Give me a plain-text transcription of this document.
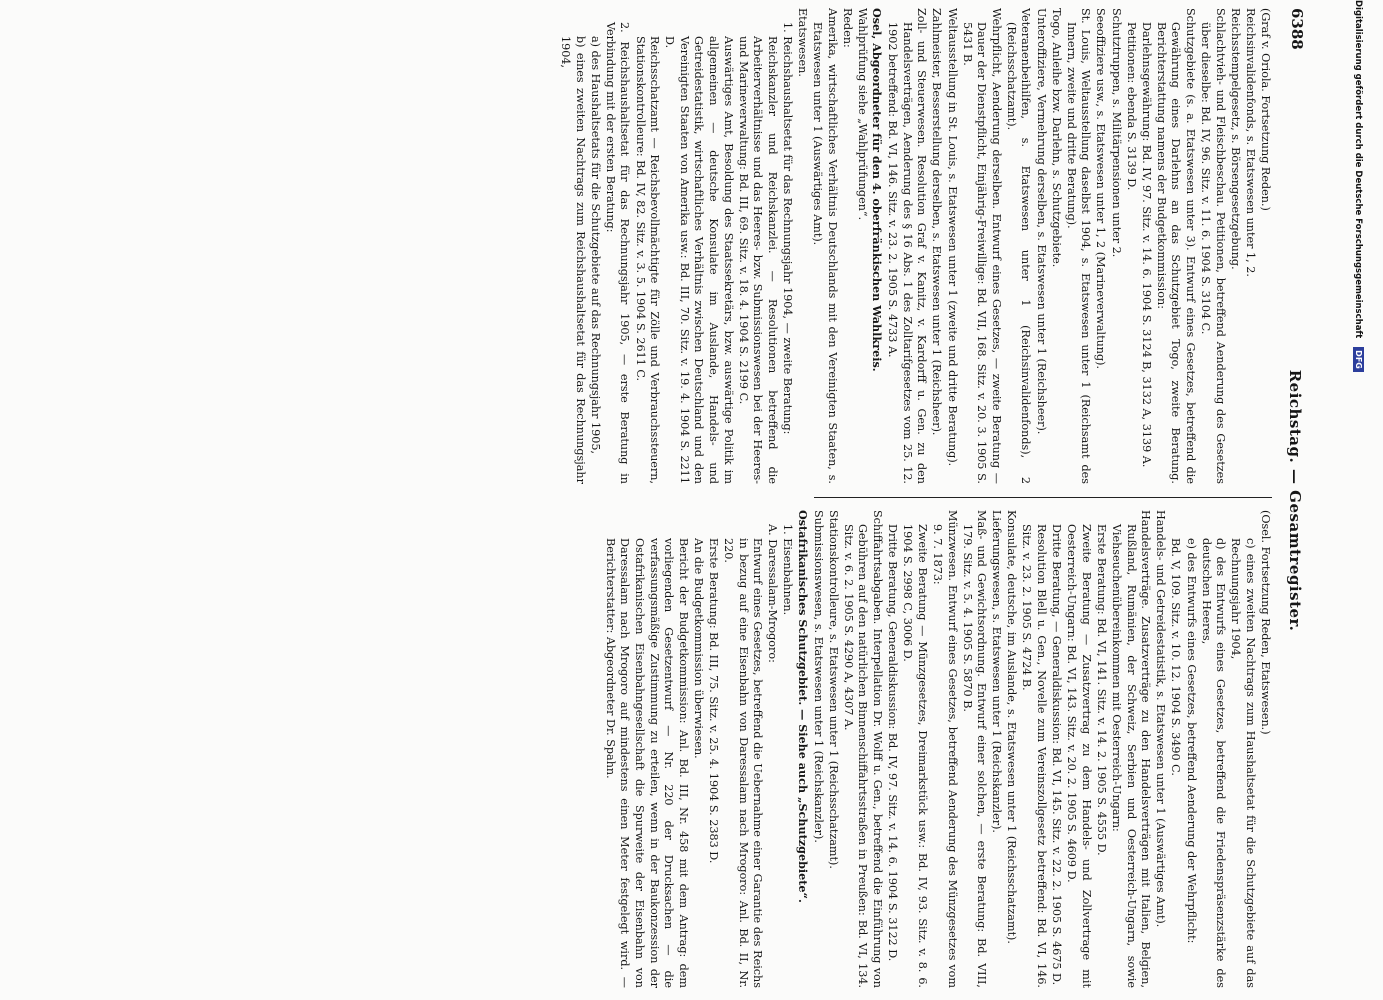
6388
Reichstag. — Gesamtregister.

(Graf v. Oriola. Fortsetzung Reden.)

Reichsinvalidenfonds, s. Etatswesen unter 1, 2.

Reichsstempelgesetz, s. Börsengesetzgebung.

Schlachtvieh- und Fleischbeschau. Petitionen, betreffend Aenderung des Gesetzes über dieselbe: Bd. IV, 96. Sitz. v. 11. 6. 1904 S. 3104 C.

Schutzgebiete (s. a. Etatswesen unter 3). Entwurf eines Gesetzes, betreffend die Gewährung eines Darlehns an das Schutzgebiet Togo, zweite Beratung. Berichterstattung namens der Budgetkommission:

Darlehnsgewährung: Bd. IV, 97. Sitz. v. 14. 6. 1904 S. 3124 B, 3132 A, 3139 A.

Petitionen: ebenda S. 3139 D.

Schutztruppen, s. Militärpensionen unter 2.

Seeoffiziere usw., s. Etatswesen unter 1, 2 (Marineverwaltung).

St. Louis, Weltausstellung daselbst 1904, s. Etatswesen unter 1 (Reichsamt des Innern, zweite und dritte Beratung).

Togo, Anleihe bzw. Darlehn, s. Schutzgebiete.

Unteroffiziere, Vermehrung derselben, s. Etatswesen unter 1 (Reichsheer).

Veteranenbeihilfen, s. Etatswesen unter 1 (Reichsinvalidenfonds), 2 (Reichsschatzamt).

Wehrpflicht, Aenderung derselben. Entwurf eines Gesetzes, — zweite Beratung — Dauer der Dienstpflicht, Einjährig-Freiwillige: Bd. VII, 168. Sitz. v. 20. 3. 1905 S. 5431 B.

Weltausstellung in St. Louis, s. Etatswesen unter 1 (zweite und dritte Beratung).

Zahlmeister, Besserstellung derselben, s. Etatswesen unter 1 (Reichsheer).

Zoll- und Steuerwesen. Resolution Graf v. Kanitz, v. Kardorff u. Gen. zu den Handelsverträgen, Aenderung des § 16 Abs. 1 des Zolltarifgesetzes vom 25. 12. 1902 betreffend: Bd. VI, 146. Sitz. v. 23. 2. 1905 S. 4733 A.

Osel, Abgeordneter für den 4. oberfränkischen Wahlkreis.

Wahlprüfung siehe „Wahlprüfungen“.

Reden:

Amerika, wirtschaftliches Verhältnis Deutschlands mit den Vereinigten Staaten, s. Etatswesen unter 1 (Auswärtiges Amt).

Etatswesen.

1. Reichshaushaltsetat für das Rechnungsjahr 1904, — zweite Beratung:

Reichskanzler und Reichskanzlei. — Resolutionen betreffend die Arbeiterverhältnisse und das Heeres- bzw. Submissionswesen bei der Heeres- und Marineverwaltung: Bd. III, 69. Sitz. v. 18. 4. 1904 S. 2199 C.

Auswärtiges Amt, Besoldung des Staatssekretärs, bzw. auswärtige Politik im allgemeinen — deutsche Konsulate im Auslande, Handels- und Getreidestatistik, wirtschaftliches Verhältnis zwischen Deutschland und den Vereinigten Staaten von Amerika usw.: Bd. III, 70. Sitz. v. 19. 4. 1904 S. 2211 D.

Reichsschatzamt — Reichsbevollmächtigte für Zölle und Verbrauchssteuern, Stationskontrolleure: Bd. IV, 82. Sitz. v. 3. 5. 1904 S. 2611 C.

2. Reichshaushaltsetat für das Rechnungsjahr 1905, — erste Beratung in Verbindung mit der ersten Beratung:

a) des Haushaltsetats für die Schutzgebiete auf das Rechnungsjahr 1905,

b) eines zweiten Nachtrags zum Reichshaushaltsetat für das Rechnungsjahr 1904,

(Osel. Fortsetzung Reden, Etatswesen.)

c) eines zweiten Nachtrags zum Haushaltsetat für die Schutzgebiete auf das Rechnungsjahr 1904,

d) des Entwurfs eines Gesetzes, betreffend die Friedenspräsenzstärke des deutschen Heeres,

e) des Entwurfs eines Gesetzes, betreffend Aenderung der Wehrpflicht:

Bd. V, 109. Sitz. v. 10. 12. 1904 S. 3490 C.

Handels- und Getreidestatistik, s. Etatswesen unter 1 (Auswärtiges Amt).

Handelsverträge. Zusatzverträge zu den Handelsverträgen mit Italien, Belgien, Rußland, Rumänien, der Schweiz, Serbien und Oesterreich-Ungarn, sowie Viehseuchenübereinkommen mit Oesterreich-Ungarn:

Erste Beratung: Bd. VI, 141. Sitz. v. 14. 2. 1905 S. 4555 D.

Zweite Beratung — Zusatzvertrag zu dem Handels- und Zollvertrage mit Oesterreich-Ungarn: Bd. VI, 143. Sitz. v. 20. 2. 1905 S. 4609 D.

Dritte Beratung, — Generaldiskussion: Bd. VI, 145. Sitz. v. 22. 2. 1905 S. 4675 D.

Resolution Blell u. Gen., Novelle zum Vereinszollgesetz betreffend: Bd. VI, 146. Sitz. v. 23. 2. 1905 S. 4724 B.

Konsulate, deutsche, im Auslande, s. Etatswesen unter 1 (Reichsschatzamt).

Lieferungswesen, s. Etatswesen unter 1 (Reichskanzler).

Maß- und Gewichtsordnung. Entwurf einer solchen, — erste Beratung: Bd. VIII, 179. Sitz. v. 5. 4. 1905 S. 5870 B.

Münzwesen. Entwurf eines Gesetzes, betreffend Aenderung des Münzgesetzes vom 9. 7. 1873:

Zweite Beratung — Münzgesetzes, Dreimarkstück usw.: Bd. IV, 93. Sitz. v. 8. 6. 1904 S. 2998 C, 3006 D.

Dritte Beratung, Generaldiskussion: Bd. IV, 97. Sitz. v. 14. 6. 1904 S. 3122 D.

Schiffahrtsabgaben. Interpellation Dr. Wolff u. Gen., betreffend die Einführung von Gebühren auf den natürlichen Binnenschiffahrtsstraßen in Preußen: Bd. VI, 134. Sitz. v. 6. 2. 1905 S. 4290 A, 4307 A.

Stationskontrolleure, s. Etatswesen unter 1 (Reichsschatzamt).

Submissionswesen, s. Etatswesen unter 1 (Reichskanzler).

Ostafrikanisches Schutzgebiet. — Siehe auch „Schutzgebiete“.

1. Eisenbahnen.

A. Daressalam-Mrogoro:

Entwurf eines Gesetzes, betreffend die Uebernahme einer Garantie des Reichs in bezug auf eine Eisenbahn von Daressalam nach Mrogoro: Anl. Bd. II, Nr. 220.

Erste Beratung: Bd. III, 75. Sitz. v. 25. 4. 1904 S. 2383 D.

An die Budgetkommission überwiesen.

Bericht der Budgetkommission: Anl. Bd. III, Nr. 458 mit dem Antrag: dem vorliegenden Gesetzentwurf — Nr. 220 der Drucksachen — die verfassungsmäßige Zustimmung zu erteilen, wenn in der Baukonzession der Ostafrikanischen Eisenbahngesellschaft die Spurweite der Eisenbahn von Daressalam nach Mrogoro auf mindestens einen Meter festgelegt wird. — Berichterstatter: Abgeordneter Dr. Spahn.

Digitalisierung gefördert durch die Deutsche Forschungsgemeinschaft DFG
